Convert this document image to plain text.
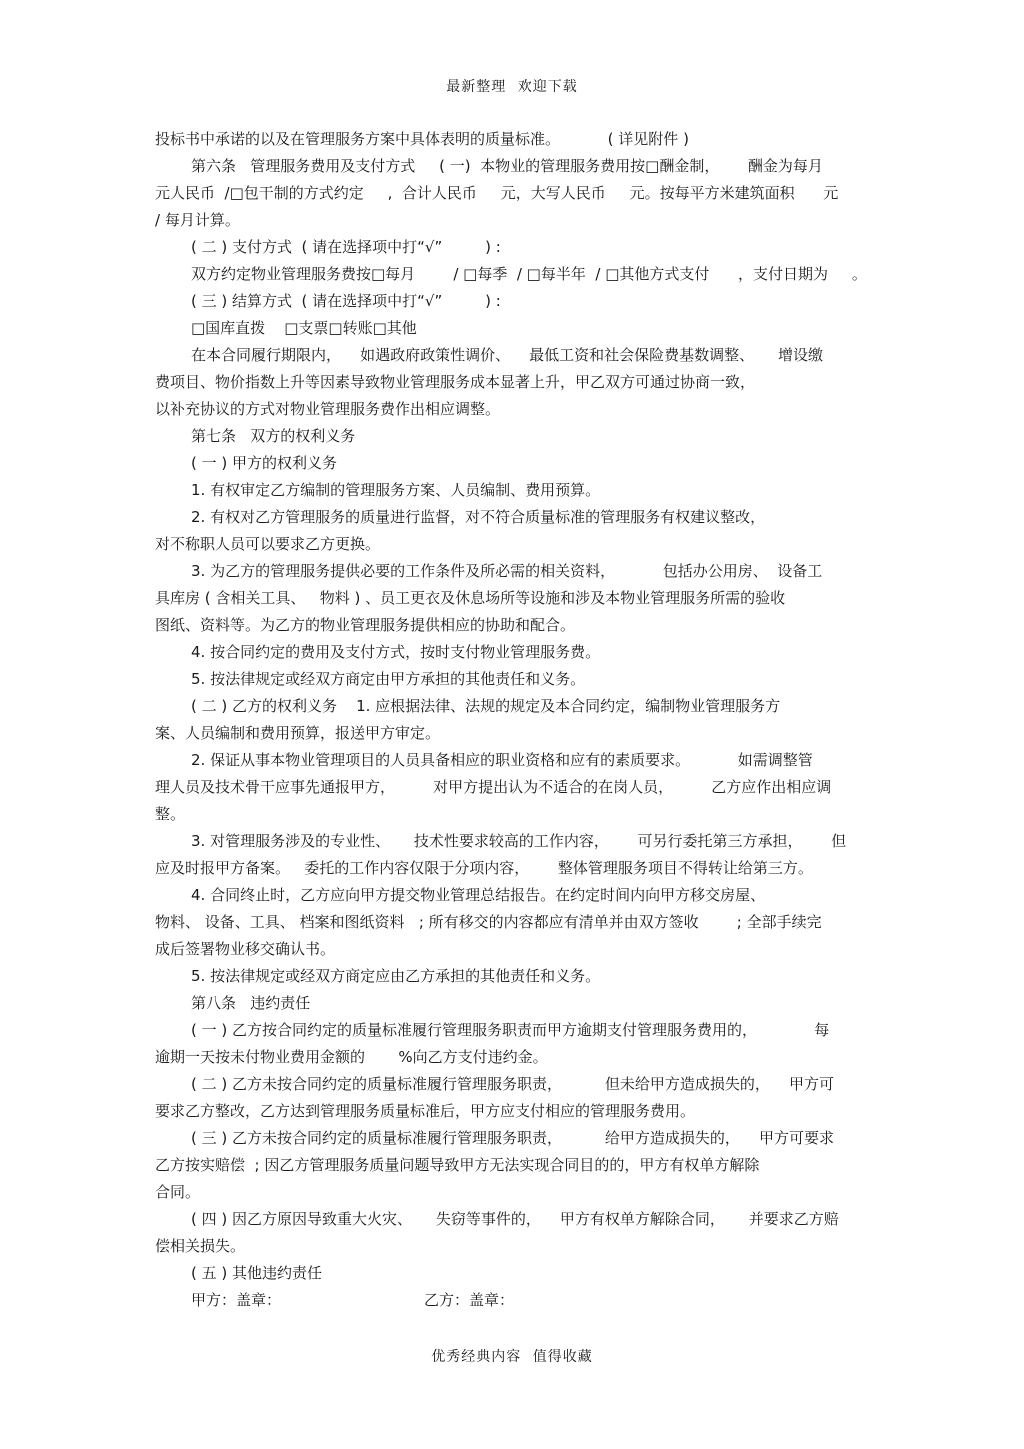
最新整理 欢迎下载
投标书中承诺的以及在管理服务方案中具体表明的质量标准。          ( 详见附件 )
第六条   管理服务费用及支付方式     ( 一)  本物业的管理服务费用按□酬金制，      酬金为每月
元人民币  /□包干制的方式约定     ,  合计人民币     元，大写人民币     元。按每平方米建筑面积      元
/ 每月计算。
( 二 ) 支付方式  ( 请在选择项中打“√”         ) :
双方约定物业管理服务费按□每月        / □每季  / □每半年  / □其他方式支付      ，支付日期为     。
( 三 ) 结算方式  ( 请在选择项中打“√”         ) :
□国库直拨    □支票□转账□其他
在本合同履行期限内，    如遇政府政策性调价、    最低工资和社会保险费基数调整、     增设缴
费项目、物价指数上升等因素导致物业管理服务成本显著上升，甲乙双方可通过协商一致，
以补充协议的方式对物业管理服务费作出相应调整。
第七条   双方的权利义务
( 一 ) 甲方的权利义务
1. 有权审定乙方编制的管理服务方案、人员编制、费用预算。
2. 有权对乙方管理服务的质量进行监督，对不符合质量标准的管理服务有权建议整改，
对不称职人员可以要求乙方更换。
3. 为乙方的管理服务提供必要的工作条件及所必需的相关资料，          包括办公用房、  设备工
具库房 ( 含相关工具、   物料 ) 、员工更衣及休息场所等设施和涉及本物业管理服务所需的验收
图纸、资料等。为乙方的物业管理服务提供相应的协助和配合。
4. 按合同约定的费用及支付方式，按时支付物业管理服务费。
5. 按法律规定或经双方商定由甲方承担的其他责任和义务。
( 二 ) 乙方的权利义务    1. 应根据法律、法规的规定及本合同约定，编制物业管理服务方
案、人员编制和费用预算，报送甲方审定。
2. 保证从事本物业管理项目的人员具备相应的职业资格和应有的素质要求。          如需调整管
理人员及技术骨干应事先通报甲方，        对甲方提出认为不适合的在岗人员，        乙方应作出相应调
整。
3. 对管理服务涉及的专业性、     技术性要求较高的工作内容，      可另行委托第三方承担，      但
应及时报甲方备案。   委托的工作内容仅限于分项内容，      整体管理服务项目不得转让给第三方。
4. 合同终止时，乙方应向甲方提交物业管理总结报告。在约定时间内向甲方移交房屋、
物料、 设备、工具、 档案和图纸资料   ; 所有移交的内容都应有清单并由双方签收        ; 全部手续完
成后签署物业移交确认书。
5. 按法律规定或经双方商定应由乙方承担的其他责任和义务。
第八条   违约责任
( 一 ) 乙方按合同约定的质量标准履行管理服务职责而甲方逾期支付管理服务费用的，            每
逾期一天按未付物业费用金额的       %向乙方支付违约金。
( 二 ) 乙方未按合同约定的质量标准履行管理服务职责，         但未给甲方造成损失的，    甲方可
要求乙方整改，乙方达到管理服务质量标准后，甲方应支付相应的管理服务费用。
( 三 ) 乙方未按合同约定的质量标准履行管理服务职责，         给甲方造成损失的，    甲方可要求
乙方按实赔偿  ; 因乙方管理服务质量问题导致甲方无法实现合同目的的，甲方有权单方解除
合同。
( 四 ) 因乙方原因导致重大火灾、     失窃等事件的，    甲方有权单方解除合同，     并要求乙方赔
偿相关损失。
( 五 ) 其他违约责任
甲方：盖章：                              乙方：盖章：
优秀经典内容 值得收藏
